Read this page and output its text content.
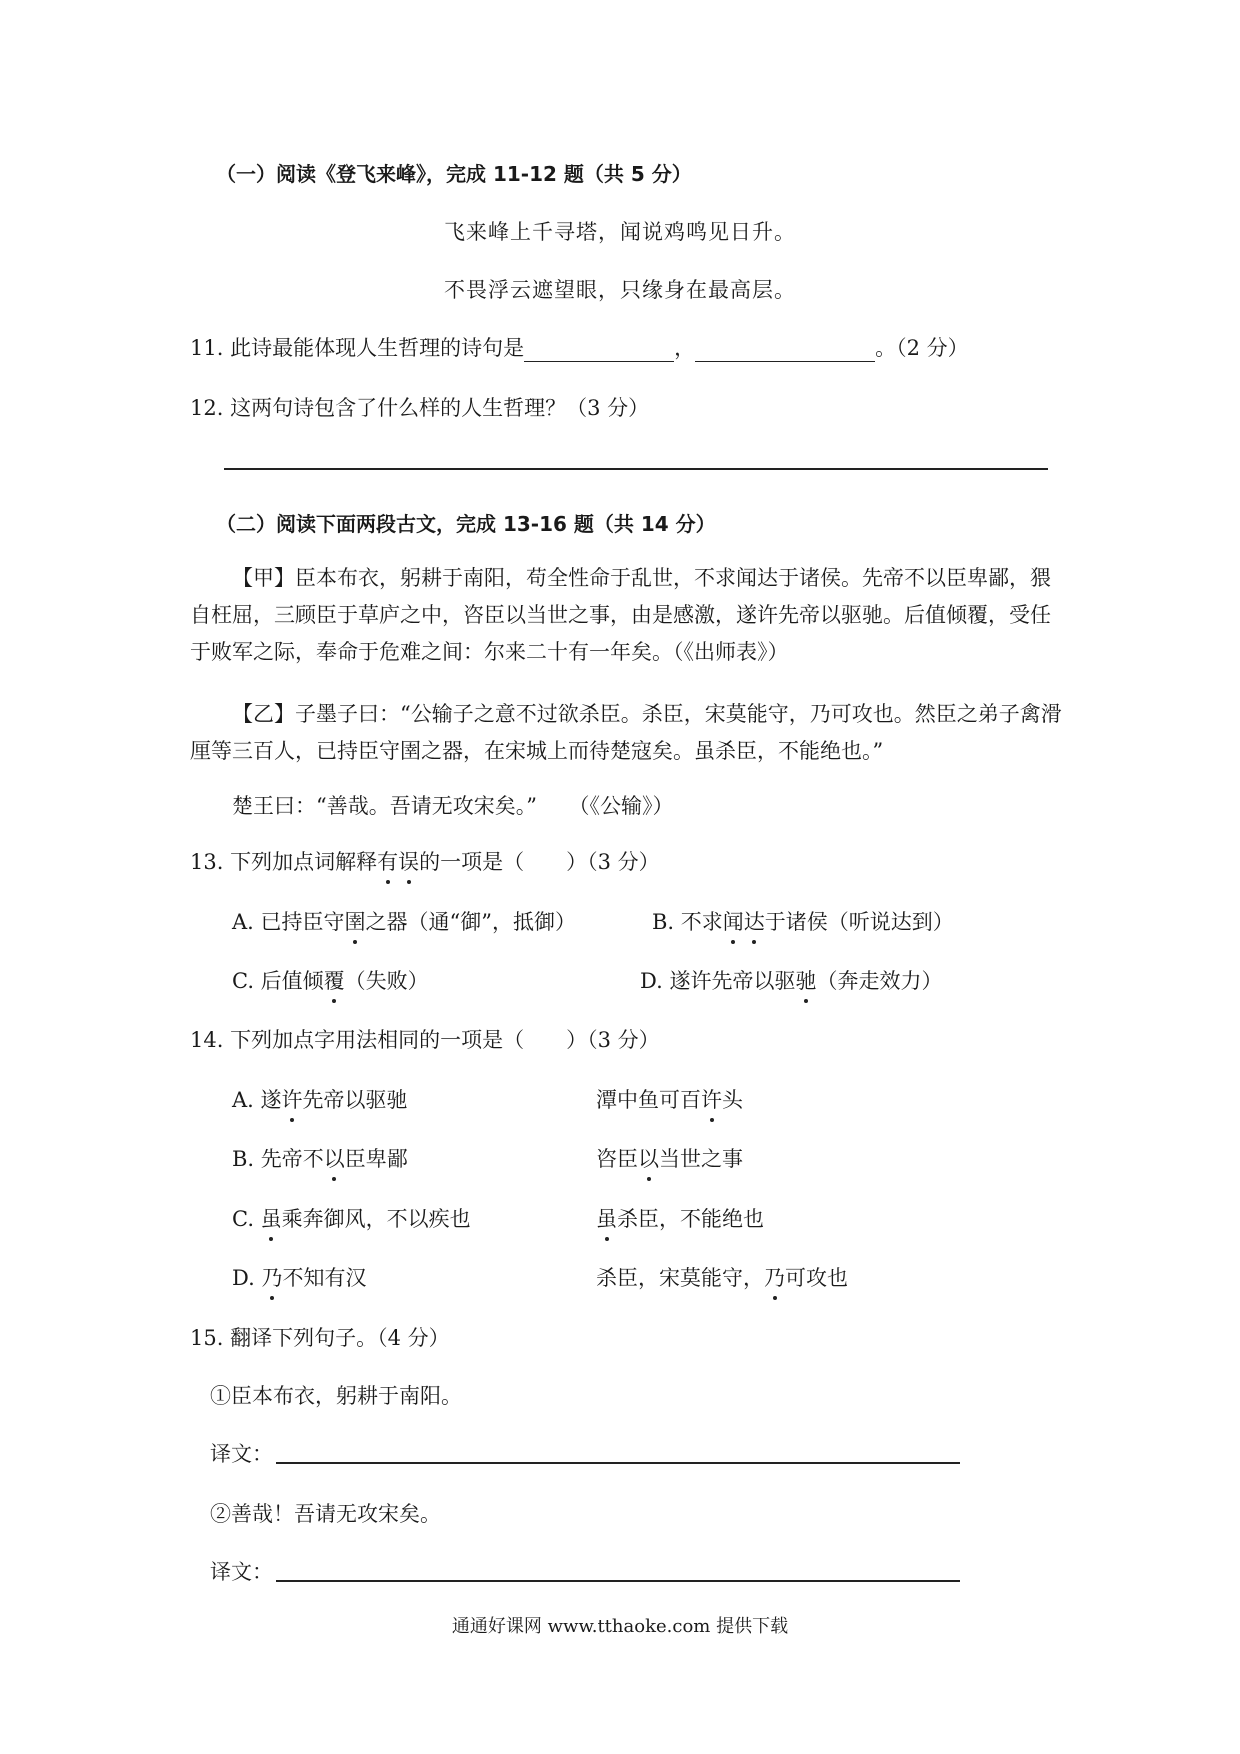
（一）阅读《登飞来峰》，完成 11-12 题（共 5 分）
飞来峰上千寻塔，闻说鸡鸣见日升。
不畏浮云遮望眼，只缘身在最高层。
11. 此诗最能体现人生哲理的诗句是	，	。（2 分）
12. 这两句诗包含了什么样的人生哲理？（3 分）
（二）阅读下面两段古文，完成 13-16 题（共 14 分）
【甲】臣本布衣，躬耕于南阳，苟全性命于乱世，不求闻达于诸侯。先帝不以臣卑鄙，猥自枉屈，三顾臣于草庐之中，咨臣以当世之事，由是感激，遂许先帝以驱驰。后值倾覆，受任于败军之际，奉命于危难之间：尔来二十有一年矣。（《出师表》）
【乙】子墨子曰：“公输子之意不过欲杀臣。杀臣，宋莫能守，乃可攻也。然臣之弟子禽滑厘等三百人，已持臣守圉之器，在宋城上而待楚寇矣。虽杀臣，不能绝也。”
楚王曰：“善哉。吾请无攻宋矣。”　　（《公输》）
13. 下列加点词解释有误的一项是（　　）（3 分）
A. 已持臣守圉之器（通“御”，抵御）	B. 不求闻达于诸侯（听说达到）
C. 后值倾覆（失败）	D. 遂许先帝以驱驰（奔走效力）
14. 下列加点字用法相同的一项是（　　）（3 分）
A. 遂许先帝以驱驰	潭中鱼可百许头
B. 先帝不以臣卑鄙	咨臣以当世之事
C. 虽乘奔御风，不以疾也	虽杀臣，不能绝也
D. 乃不知有汉	杀臣，宋莫能守，乃可攻也
15. 翻译下列句子。（4 分）
①臣本布衣，躬耕于南阳。
译文：
②善哉！吾请无攻宋矣。
译文：
通通好课网 www.tthaoke.com 提供下载
